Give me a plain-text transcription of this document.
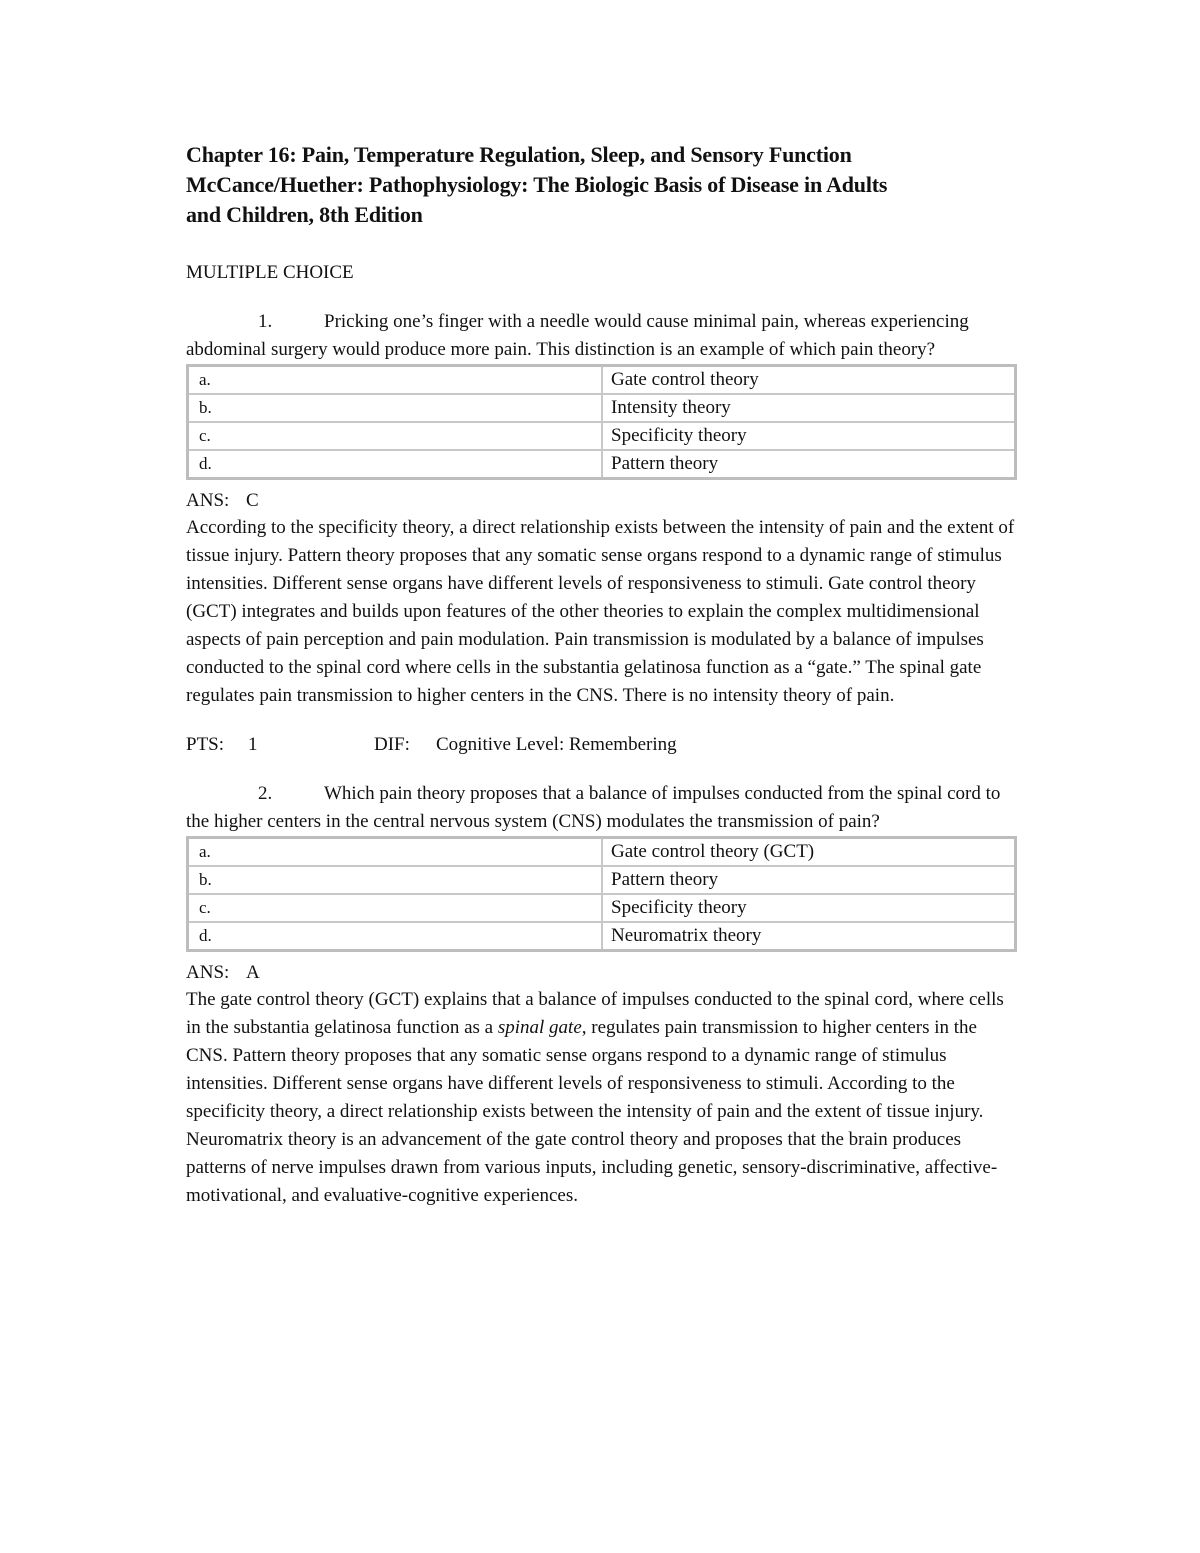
Chapter 16: Pain, Temperature Regulation, Sleep, and Sensory Function
McCance/Huether: Pathophysiology: The Biologic Basis of Disease in Adults
and Children, 8th Edition
MULTIPLE CHOICE
1.	Pricking one’s finger with a needle would cause minimal pain, whereas experiencing abdominal surgery would produce more pain. This distinction is an example of which pain theory?
a.	Gate control theory
b.	Intensity theory
c.	Specificity theory
d.	Pattern theory
ANS: C

According to the specificity theory, a direct relationship exists between the intensity of pain and the extent of tissue injury. Pattern theory proposes that any somatic sense organs respond to a dynamic range of stimulus intensities. Different sense organs have different levels of responsiveness to stimuli. Gate control theory (GCT) integrates and builds upon features of the other theories to explain the complex multidimensional aspects of pain perception and pain modulation. Pain transmission is modulated by a balance of impulses conducted to the spinal cord where cells in the substantia gelatinosa function as a “gate.” The spinal gate regulates pain transmission to higher centers in the CNS. There is no intensity theory of pain.

PTS: 1	DIF: Cognitive Level: Remembering
2.	Which pain theory proposes that a balance of impulses conducted from the spinal cord to the higher centers in the central nervous system (CNS) modulates the transmission of pain?
a.	Gate control theory (GCT)
b.	Pattern theory
c.	Specificity theory
d.	Neuromatrix theory
ANS: A

The gate control theory (GCT) explains that a balance of impulses conducted to the spinal cord, where cells in the substantia gelatinosa function as a spinal gate, regulates pain transmission to higher centers in the CNS. Pattern theory proposes that any somatic sense organs respond to a dynamic range of stimulus intensities. Different sense organs have different levels of responsiveness to stimuli. According to the specificity theory, a direct relationship exists between the intensity of pain and the extent of tissue injury. Neuromatrix theory is an advancement of the gate control theory and proposes that the brain produces patterns of nerve impulses drawn from various inputs, including genetic, sensory-discriminative, affective-motivational, and evaluative-cognitive experiences.
